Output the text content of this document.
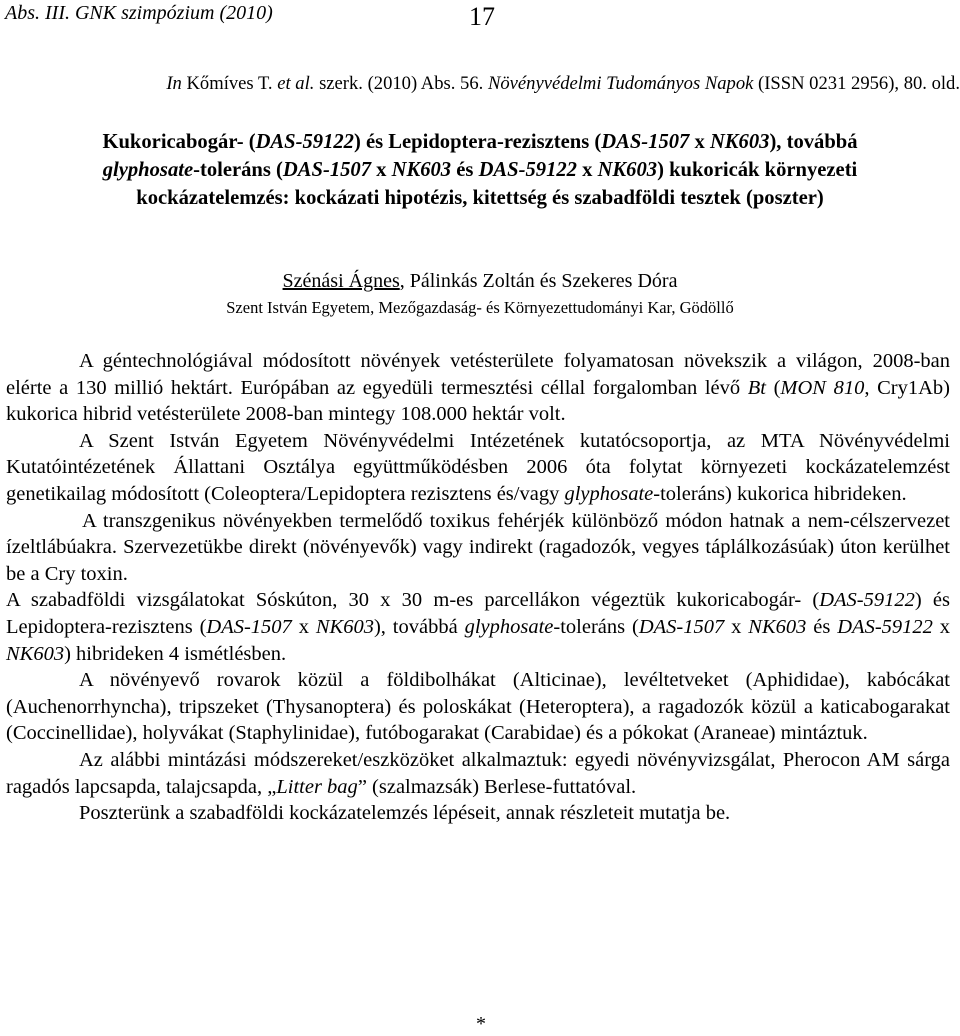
Abs. III. GNK szimpózium (2010)	17
In Kőmíves T. et al. szerk. (2010) Abs. 56. Növényvédelmi Tudományos Napok (ISSN 0231 2956), 80. old.
Kukoricabogár- (DAS-59122) és Lepidoptera-rezisztens (DAS-1507 x NK603), továbbá
glyphosate-toleráns (DAS-1507 x NK603 és DAS-59122 x NK603) kukoricák környezeti
kockázatelemzés: kockázati hipotézis, kitettség és szabadföldi tesztek (poszter)
Szénási Ágnes, Pálinkás Zoltán és Szekeres Dóra
Szent István Egyetem, Mezőgazdaság- és Környezettudományi Kar, Gödöllő

A géntechnológiával módosított növények vetésterülete folyamatosan növekszik a világon, 2008-ban elérte a 130 millió hektárt. Európában az egyedüli termesztési céllal forgalomban lévő Bt (MON 810, Cry1Ab) kukorica hibrid vetésterülete 2008-ban mintegy 108.000 hektár volt.

A Szent István Egyetem Növényvédelmi Intézetének kutatócsoportja, az MTA Növényvédelmi Kutatóintézetének Állattani Osztálya együttműködésben 2006 óta folytat környezeti kockázatelemzést genetikailag módosított (Coleoptera/Lepidoptera rezisztens és/vagy glyphosate-toleráns) kukorica hibrideken.

A transzgenikus növényekben termelődő toxikus fehérjék különböző módon hatnak a nem-célszervezet ízeltlábúakra. Szervezetükbe direkt (növényevők) vagy indirekt (ragadozók, vegyes táplálkozásúak) úton kerülhet be a Cry toxin.

A szabadföldi vizsgálatokat Sóskúton, 30 x 30 m-es parcellákon végeztük kukoricabogár- (DAS-59122) és Lepidoptera-rezisztens (DAS-1507 x NK603), továbbá glyphosate-toleráns (DAS-1507 x NK603 és DAS-59122 x NK603) hibrideken 4 ismétlésben.

A növényevő rovarok közül a földibolhákat (Alticinae), levéltetveket (Aphididae), kabócákat (Auchenorrhyncha), tripszeket (Thysanoptera) és poloskákat (Heteroptera), a ragadozók közül a katicabogarakat (Coccinellidae), holyvákat (Staphylinidae), futóbogarakat (Carabidae) és a pókokat (Araneae) mintáztuk.

Az alábbi mintázási módszereket/eszközöket alkalmaztuk: egyedi növényvizsgálat, Pherocon AM sárga ragadós lapcsapda, talajcsapda, „Litter bag” (szalmazsák) Berlese-futtatóval.

Poszterünk a szabadföldi kockázatelemzés lépéseit, annak részleteit mutatja be.

*
